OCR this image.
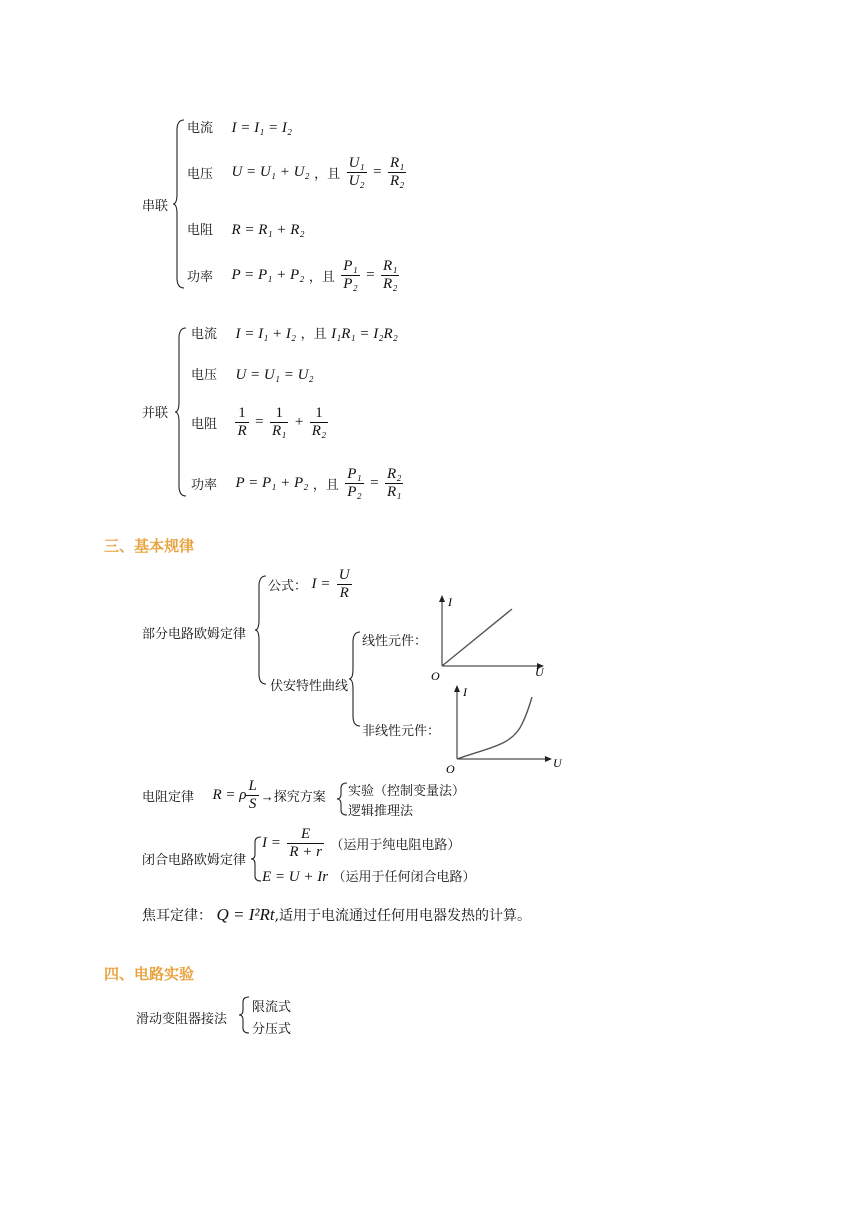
串联
电流 I = I₁ = I₂
电压 U = U₁ + U₂ ，且 $\frac{\text{U₁}}{\text{U₂}} = \frac{\text{R₁}}{\text{R₂}}$
电阻 R = R₁ + R₂
功率 P = P₁ + P₂ ，且 $\frac{\text{P₁}}{\text{P₂}} = \frac{\text{R₁}}{\text{R₂}}$
并联
电流 I = I₁ + I₂ ，且 I₁R₁ = I₂R₂
电压 U = U₁ = U₂
电阻 $\frac{1}{R} = \frac{1}{\text{R₁}} + \frac{1}{\text{R₂}}$
功率 P = P₁ + P₂ ，且 $\frac{\text{P₁}}{\text{P₂}} = \frac{\text{R₂}}{\text{R₁}}$
三、基本规律
部分电路欧姆定律
公式： $I = \frac{U}{R}$
伏安特性曲线
线性元件：
非线性元件：
I
U
O
I
U
O
电阻定律 R = ρ $\frac{L}{S}$ →探究方案 实验（控制变量法）
逻辑推理法
闭合电路欧姆定律
$I = \frac{E}{R + r}$ （运用于纯电阻电路）
E = U + Ir （运用于任何闭合电路）
焦耳定律： Q = I²Rt,适用于电流通过任何用电器发热的计算。
四、电路实验
滑动变阻器接法
限流式
分压式
